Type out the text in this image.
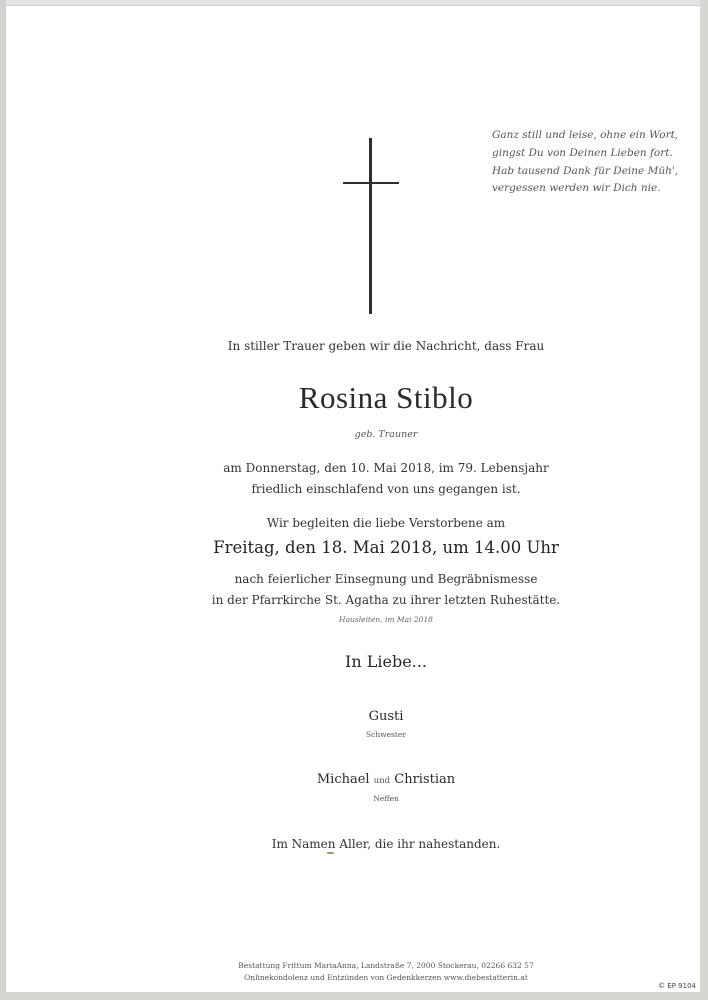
Ganz still und leise, ohne ein Wort,
gingst Du von Deinen Lieben fort.
Hab tausend Dank für Deine Müh',
vergessen werden wir Dich nie.
In stiller Trauer geben wir die Nachricht, dass Frau
Rosina Stiblo
geb. Trauner
am Donnerstag, den 10. Mai 2018, im 79. Lebensjahr
friedlich einschlafend von uns gegangen ist.
Wir begleiten die liebe Verstorbene am
Freitag, den 18. Mai 2018, um 14.00 Uhr
nach feierlicher Einsegnung und Begräbnismesse
in der Pfarrkirche St. Agatha zu ihrer letzten Ruhestätte.
Hausleiten, im Mai 2018
In Liebe...
Gusti
Schwester
Michael und Christian
Neffen
Im Namen Aller, die ihr nahestanden.
Bestattung Frittum MariaAnna, Landstraße 7, 2000 Stockerau, 02266 632 57
Onlinekondolenz und Entzünden von Gedenkkerzen www.diebestatterin.at
© EP 9104
